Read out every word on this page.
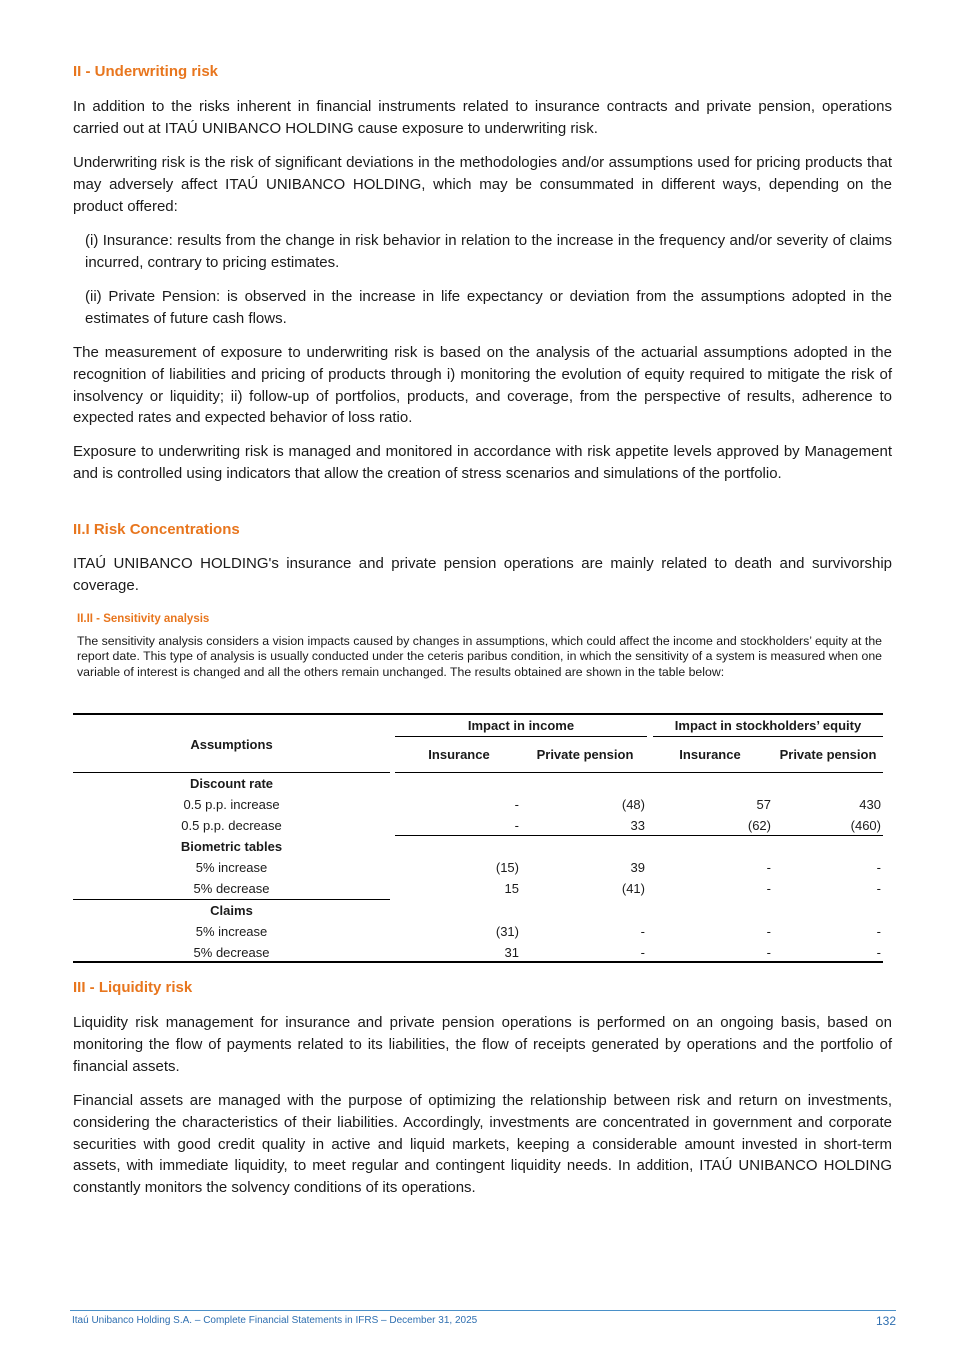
II - Underwriting risk

In addition to the risks inherent in financial instruments related to insurance contracts and private pension, operations carried out at ITAÚ UNIBANCO HOLDING cause exposure to underwriting risk.

Underwriting risk is the risk of significant deviations in the methodologies and/or assumptions used for pricing products that may adversely affect ITAÚ UNIBANCO HOLDING, which may be consummated in different ways, depending on the product offered:

(i) Insurance: results from the change in risk behavior in relation to the increase in the frequency and/or severity of claims incurred, contrary to pricing estimates.

(ii) Private Pension: is observed in the increase in life expectancy or deviation from the assumptions adopted in the estimates of future cash flows.

The measurement of exposure to underwriting risk is based on the analysis of the actuarial assumptions adopted in the recognition of liabilities and pricing of products through i) monitoring the evolution of equity required to mitigate the risk of insolvency or liquidity; ii) follow-up of portfolios, products, and coverage, from the perspective of results, adherence to expected rates and expected behavior of loss ratio.

Exposure to underwriting risk is managed and monitored in accordance with risk appetite levels approved by Management and is controlled using indicators that allow the creation of stress scenarios and simulations of the portfolio.

II.I Risk Concentrations

ITAÚ UNIBANCO HOLDING's insurance and private pension operations are mainly related to death and survivorship coverage.

II.II - Sensitivity analysis

The sensitivity analysis considers a vision impacts caused by changes in assumptions, which could affect the income and stockholders’ equity at the report date. This type of analysis is usually conducted under the ceteris paribus condition, in which the sensitivity of a system is measured when one variable of interest is changed and all the others remain unchanged. The results obtained are shown in the table below:

Assumptions
Impact in income	Impact in stockholders’ equity
Insurance	Private pension	Insurance	Private pension
Discount rate
0.5 p.p. increase	-	(48)	57	430
0.5 p.p. decrease	-	33	(62)	(460)
Biometric tables
5% increase	(15)	39	-	-
5% decrease	15	(41)	-	-
Claims
5% increase	(31)	-	-	-
5% decrease	31	-	-	-
III - Liquidity risk

Liquidity risk management for insurance and private pension operations is performed on an ongoing basis, based on monitoring the flow of payments related to its liabilities, the flow of receipts generated by operations and the portfolio of financial assets.

Financial assets are managed with the purpose of optimizing the relationship between risk and return on investments, considering the characteristics of their liabilities. Accordingly, investments are concentrated in government and corporate securities with good credit quality in active and liquid markets, keeping a considerable amount invested in short-term assets, with immediate liquidity, to meet regular and contingent liquidity needs. In addition, ITAÚ UNIBANCO HOLDING constantly monitors the solvency conditions of its operations.

Itaú Unibanco Holding S.A. – Complete Financial Statements in IFRS – December 31, 2025	132
